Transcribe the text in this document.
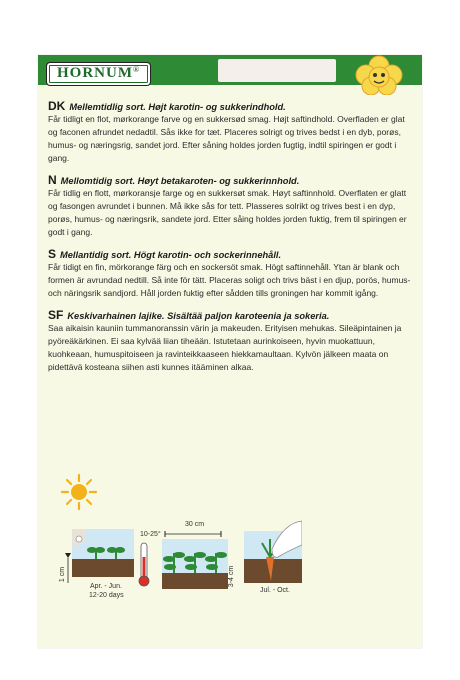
HORNUM®
DK Mellemtidlig sort. Højt karotin- og sukkerindhold.

Får tidligt en flot, mørkorange farve og en sukkersød smag. Højt saftindhold. Overfladen er glat og faconen afrundet nedadtil. Sås ikke for tæt. Placeres solrigt og trives bedst i en dyb, porøs, humus- og næringsrig, sandet jord. Efter såning holdes jorden fugtig, indtil spiringen er godt i gang.

N Mellomtidig sort. Høyt betakaroten- og sukkerinnhold.

Får tidlig en flott, mørkoransje farge og en sukkersøt smak. Høyt saftinnhold. Overflaten er glatt og fasongen avrundet i bunnen. Må ikke sås for tett. Plasseres solrikt og trives best i en dyp, porøs, humus- og næringsrik, sandete jord. Etter såing holdes jorden fuktig, frem til spiringen er godt i gang.

S Mellantidig sort. Högt karotin- och sockerinnehåll.

Får tidigt en fin, mörkorange färg och en sockersöt smak. Högt saftinnehåll. Ytan är blank och formen är avrundad nedtill. Så inte för tätt. Placeras soligt och trivs bäst i en djup, porös, humus- och näringsrik sandjord. Håll jorden fuktig efter sådden tills groningen har kommit igång.

SF Keskivarhainen lajike. Sisältää paljon karoteenia ja sokeria.

Saa aikaisin kauniin tummanoranssin värin ja makeuden. Erityisen mehukas. Sileäpintainen ja pyöreäkärkinen. Ei saa kylvää liian tiheään. Istutetaan aurinkoiseen, hyvin muokattuun, kuohkeaan, humuspitoiseen ja ravinteikkaaseen hiekkamaultaan. Kylvön jälkeen maata on pidettävä kosteana siihen asti kunnes itääminen alkaa.

1 cm
10-25°
30 cm
3-4 cm
Apr. - Jun.
12-20 days
Jul. - Oct.
